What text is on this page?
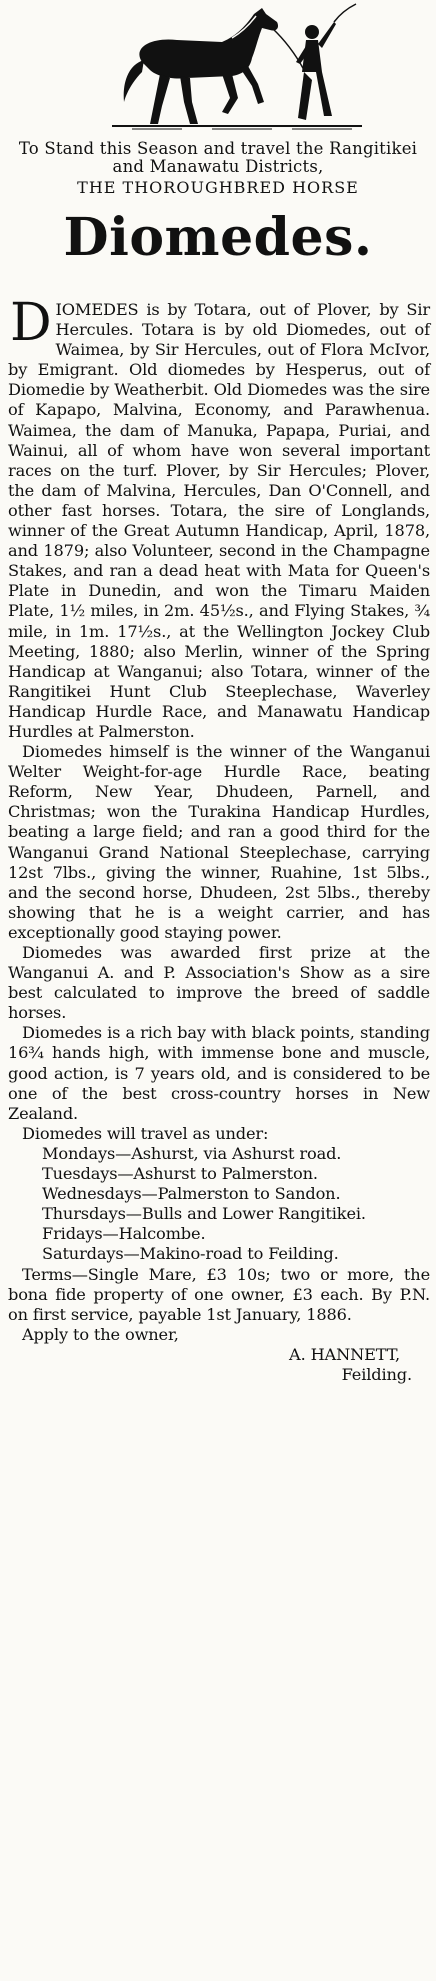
To Stand this Season and travel the Rangitikei and Manawatu Districts,
THE THOROUGHBRED HORSE
Diomedes.

DIOMEDES is by Totara, out of Plover, by Sir Hercules. Totara is by old Diomedes, out of Waimea, by Sir Hercules, out of Flora McIvor, by Emigrant. Old diomedes by Hesperus, out of Diomedie by Weatherbit. Old Diomedes was the sire of Kapapo, Malvina, Economy, and Parawhenua. Waimea, the dam of Manuka, Papapa, Puriai, and Wainui, all of whom have won several important races on the turf. Plover, by Sir Hercules; Plover, the dam of Malvina, Hercules, Dan O'Connell, and other fast horses. Totara, the sire of Longlands, winner of the Great Autumn Handicap, April, 1878, and 1879; also Volunteer, second in the Champagne Stakes, and ran a dead heat with Mata for Queen's Plate in Dunedin, and won the Timaru Maiden Plate, 1½ miles, in 2m. 45½s., and Flying Stakes, ¾ mile, in 1m. 17½s., at the Wellington Jockey Club Meeting, 1880; also Merlin, winner of the Spring Handicap at Wanganui; also Totara, winner of the Rangitikei Hunt Club Steeplechase, Waverley Handicap Hurdle Race, and Manawatu Handicap Hurdles at Palmerston.

Diomedes himself is the winner of the Wanganui Welter Weight-for-age Hurdle Race, beating Reform, New Year, Dhudeen, Parnell, and Christmas; won the Turakina Handicap Hurdles, beating a large field; and ran a good third for the Wanganui Grand National Steeplechase, carrying 12st 7lbs., giving the winner, Ruahine, 1st 5lbs., and the second horse, Dhudeen, 2st 5lbs., thereby showing that he is a weight carrier, and has exceptionally good staying power.

Diomedes was awarded first prize at the Wanganui A. and P. Association's Show as a sire best calculated to improve the breed of saddle horses.

Diomedes is a rich bay with black points, standing 16¾ hands high, with immense bone and muscle, good action, is 7 years old, and is considered to be one of the best cross-country horses in New Zealand.

Diomedes will travel as under:

Mondays—Ashurst, via Ashurst road.
Tuesdays—Ashurst to Palmerston.
Wednesdays—Palmerston to Sandon.
Thursdays—Bulls and Lower Rangitikei.
Fridays—Halcombe.
Saturdays—Makino-road to Feilding.

Terms—Single Mare, £3 10s; two or more, the bona fide property of one owner, £3 each. By P.N. on first service, payable 1st January, 1886.

Apply to the owner,

A. HANNETT,
Feilding.
